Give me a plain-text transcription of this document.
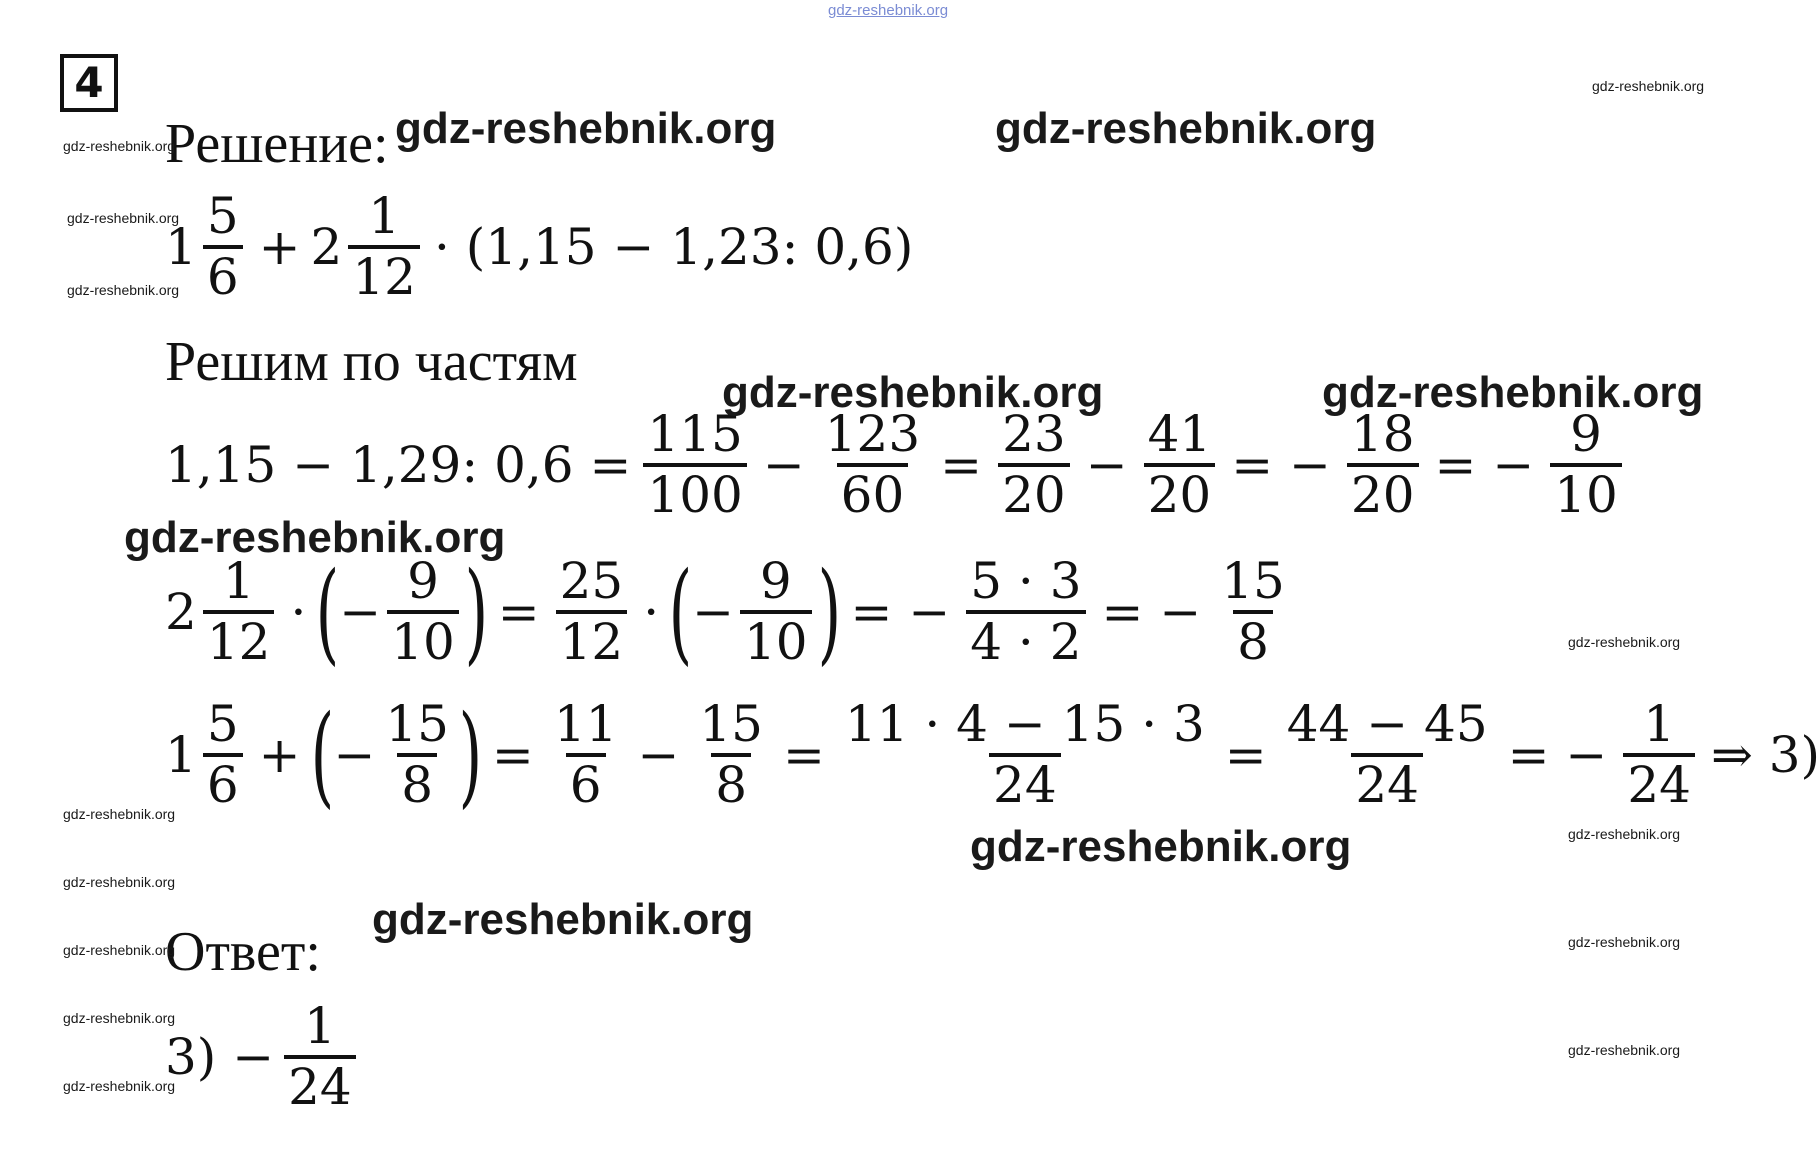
gdz-reshebnik.org
4
Решение:
Решим по частям
Ответ:
$1 \frac{5}{6} + 2 \frac{1}{12} \cdot (1,15 - 1,23$: 0,6)
1,15 − 1,29: $0,6 = \frac{115}{100} - \frac{123}{60} = \frac{23}{20} - \frac{41}{20}$ = − $\frac{18}{20}$ = − $\frac{9}{10}$
$2 \frac{1}{12}$ · ( − $\frac{9}{10}$ ) = $\frac{25}{12}$ · ( − $\frac{9}{10}$ ) = − $\frac{5 \cdot 3}{4 \cdot 2}$ = − $\frac{15}{8}$
$1 \frac{5}{6}$ + ( − $\frac{15}{8}$ ) = $\frac{11}{6} - \frac{15}{8} = \frac{11 \cdot 4 - 15 \cdot 3}{24} = \frac{44 - 45}{24}$ = − $\frac{1}{24}$ ⇒ 3)
$3) - \frac{1}{24}$
gdz-reshebnik.org	gdz-reshebnik.org
gdz-reshebnik.org	gdz-reshebnik.org
gdz-reshebnik.org
gdz-reshebnik.org
gdz-reshebnik.org
gdz-reshebnik.org
gdz-reshebnik.org
gdz-reshebnik.org
gdz-reshebnik.org
gdz-reshebnik.org
gdz-reshebnik.org
gdz-reshebnik.org
gdz-reshebnik.org
gdz-reshebnik.org
gdz-reshebnik.org
gdz-reshebnik.org
gdz-reshebnik.org
gdz-reshebnik.org
